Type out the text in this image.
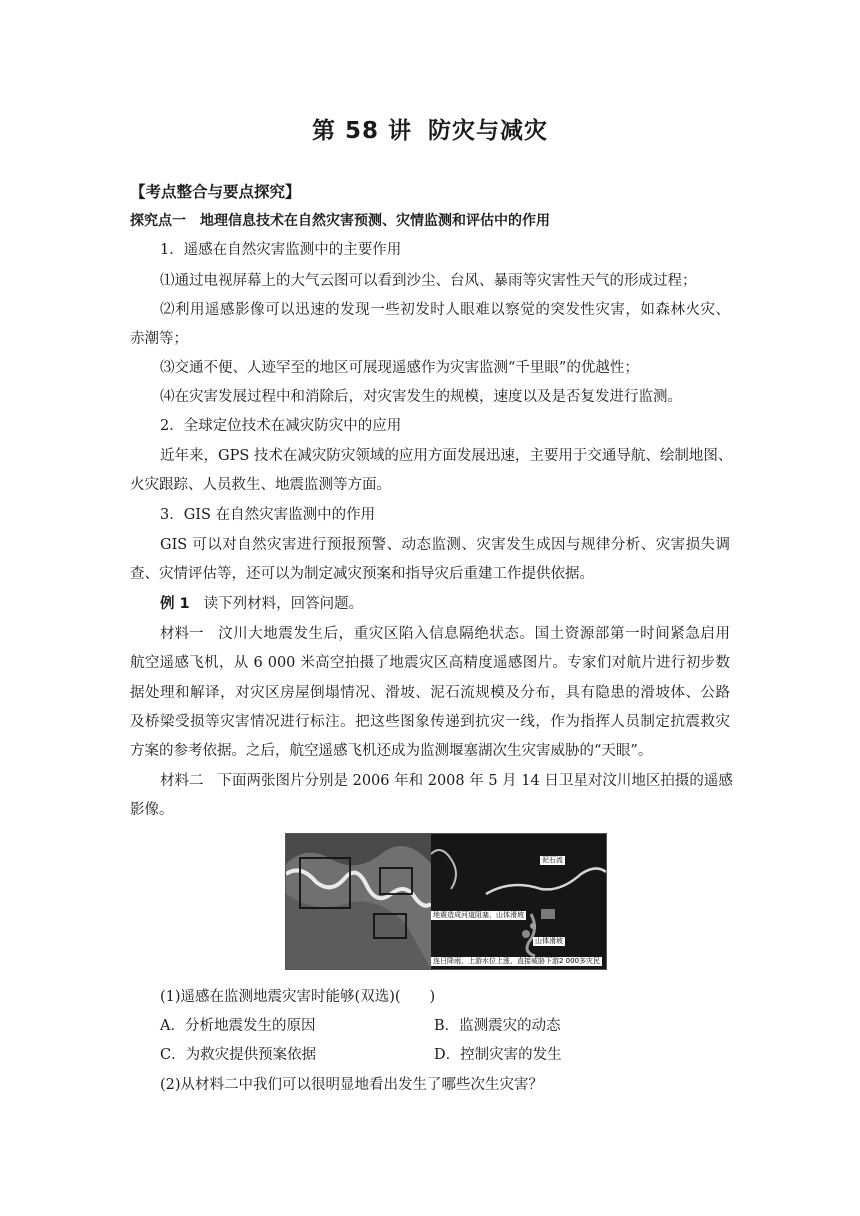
第 58 讲 防灾与减灾
【考点整合与要点探究】
探究点一　地理信息技术在自然灾害预测、灾情监测和评估中的作用
1．遥感在自然灾害监测中的主要作用
⑴通过电视屏幕上的大气云图可以看到沙尘、台风、暴雨等灾害性天气的形成过程；
⑵利用遥感影像可以迅速的发现一些初发时人眼难以察觉的突发性灾害，如森林火灾、
赤潮等；
⑶交通不便、人迹罕至的地区可展现遥感作为灾害监测“千里眼”的优越性；
⑷在灾害发展过程中和消除后，对灾害发生的规模，速度以及是否复发进行监测。
2．全球定位技术在减灾防灾中的应用
近年来，GPS 技术在减灾防灾领域的应用方面发展迅速，主要用于交通导航、绘制地图、
火灾跟踪、人员救生、地震监测等方面。
3．GIS 在自然灾害监测中的作用
GIS 可以对自然灾害进行预报预警、动态监测、灾害发生成因与规律分析、灾害损失调
查、灾情评估等，还可以为制定减灾预案和指导灾后重建工作提供依据。
例 1 读下列材料，回答问题。
材料一 汶川大地震发生后，重灾区陷入信息隔绝状态。国土资源部第一时间紧急启用
航空遥感飞机，从 6 000 米高空拍摄了地震灾区高精度遥感图片。专家们对航片进行初步数
据处理和解译，对灾区房屋倒塌情况、滑坡、泥石流规模及分布，具有隐患的滑坡体、公路
及桥梁受损等灾害情况进行标注。把这些图象传递到抗灾一线，作为指挥人员制定抗震救灾
方案的参考依据。之后，航空遥感飞机还成为监测堰塞湖次生灾害威胁的“天眼”。
材料二 下面两张图片分别是 2006 年和 2008 年 5 月 14 日卫星对汶川地区拍摄的遥感
影像。
泥石流
地震造成河道阻塞，山体滑坡
山体滑坡
连日降雨，上游水位上涨，直接威胁下游2 000多灾民
(1)遥感在监测地震灾害时能够(双选)(　　)
A．分析地震发生的原因	B．监测震灾的动态
C．为救灾提供预案依据	D．控制灾害的发生
(2)从材料二中我们可以很明显地看出发生了哪些次生灾害？
